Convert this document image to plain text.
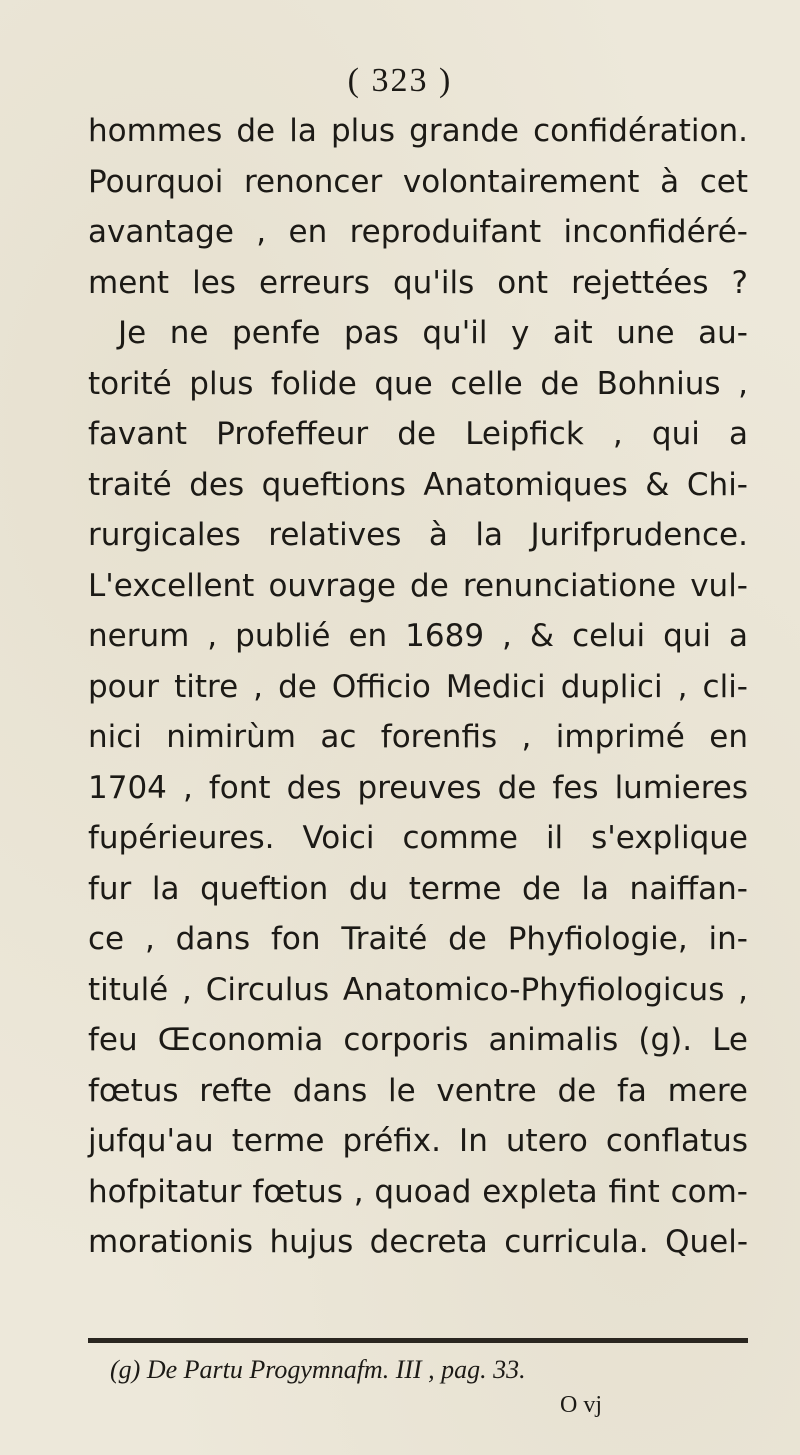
( 323 )
hommes de la plus grande confidération.
Pourquoi renoncer volontairement à cet
avantage , en reproduifant inconfidéré-
ment les erreurs qu'ils ont rejettées ?
Je ne penfe pas qu'il y ait une au-
torité plus folide que celle de Bohnius ,
favant Profeffeur de Leipfick , qui a
traité des queftions Anatomiques & Chi-
rurgicales relatives à la Jurifprudence.
L'excellent ouvrage de renunciatione vul-
nerum , publié en 1689 , & celui qui a
pour titre , de Officio Medici duplici , cli-
nici nimirùm ac forenfis , imprimé en
1704 , font des preuves de fes lumieres
fupérieures. Voici comme il s'explique
fur la queftion du terme de la naiffan-
ce , dans fon Traité de Phyfiologie, in-
titulé , Circulus Anatomico-Phyfiologicus ,
feu Œconomia corporis animalis (g). Le
fœtus refte dans le ventre de fa mere
jufqu'au terme préfix. In utero conflatus
hofpitatur fœtus , quoad expleta fint com-
morationis hujus decreta curricula. Quel-
(g) De Partu Progymnafm. III , pag. 33.
O vj
